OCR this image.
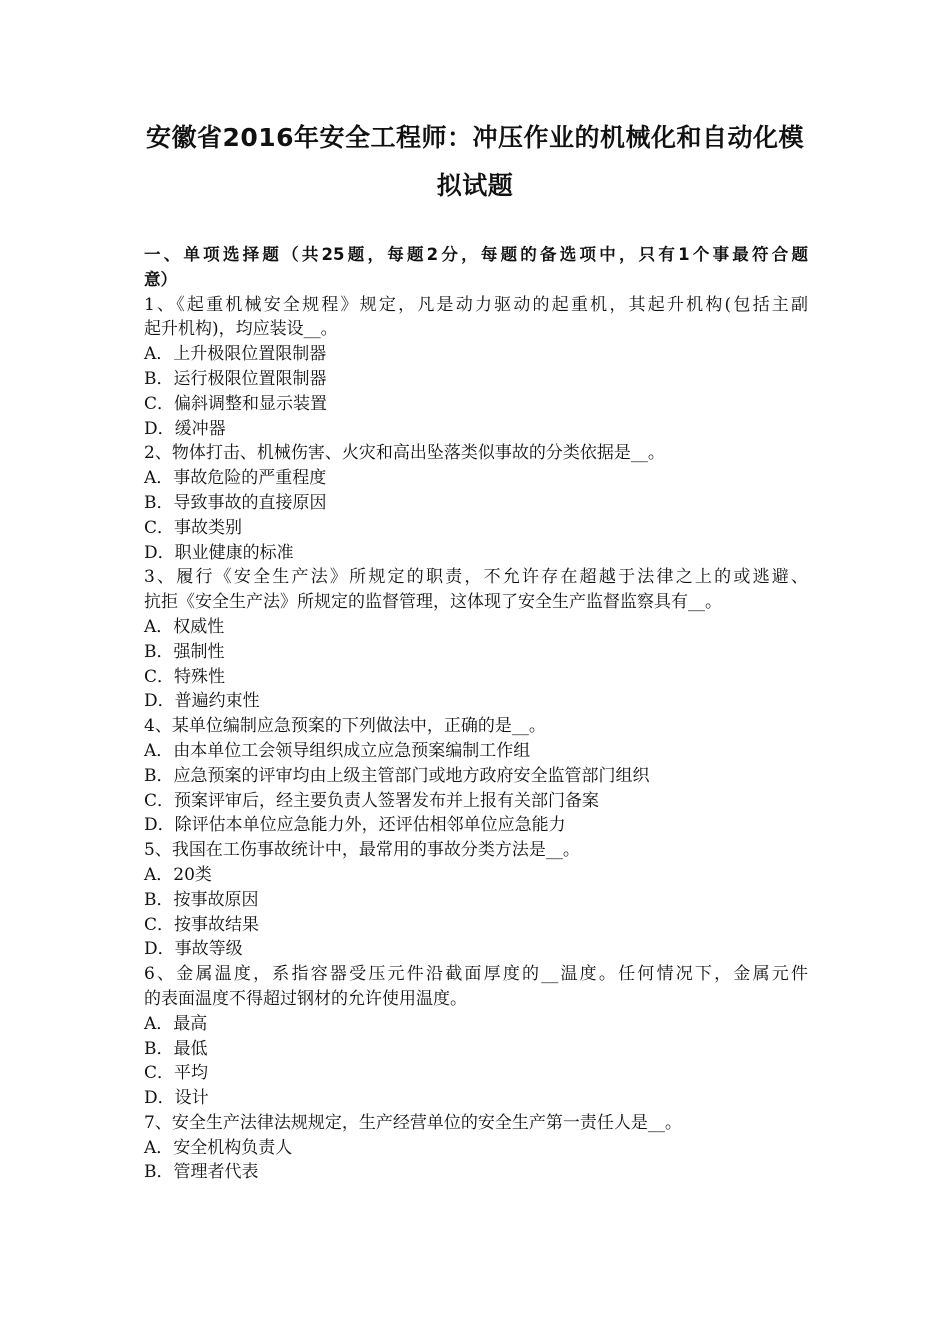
安徽省2016年安全工程师：冲压作业的机械化和自动化模
拟试题
一、单项选择题（共25题，每题2分，每题的备选项中，只有1个事最符合题
意）
1、《起重机械安全规程》规定，凡是动力驱动的起重机，其起升机构(包括主副
起升机构)，均应装设__。
A．上升极限位置限制器
B．运行极限位置限制器
C．偏斜调整和显示装置
D．缓冲器
2、物体打击、机械伤害、火灾和高出坠落类似事故的分类依据是__。
A．事故危险的严重程度
B．导致事故的直接原因
C．事故类别
D．职业健康的标准
3、履行《安全生产法》所规定的职责，不允许存在超越于法律之上的或逃避、
抗拒《安全生产法》所规定的监督管理，这体现了安全生产监督监察具有__。
A．权威性
B．强制性
C．特殊性
D．普遍约束性
4、某单位编制应急预案的下列做法中，正确的是__。
A．由本单位工会领导组织成立应急预案编制工作组
B．应急预案的评审均由上级主管部门或地方政府安全监管部门组织
C．预案评审后，经主要负责人签署发布并上报有关部门备案
D．除评估本单位应急能力外，还评估相邻单位应急能力
5、我国在工伤事故统计中，最常用的事故分类方法是__。
A．20类
B．按事故原因
C．按事故结果
D．事故等级
6、金属温度，系指容器受压元件沿截面厚度的__温度。任何情况下，金属元件
的表面温度不得超过钢材的允许使用温度。
A．最高
B．最低
C．平均
D．设计
7、安全生产法律法规规定，生产经营单位的安全生产第一责任人是__。
A．安全机构负责人
B．管理者代表
